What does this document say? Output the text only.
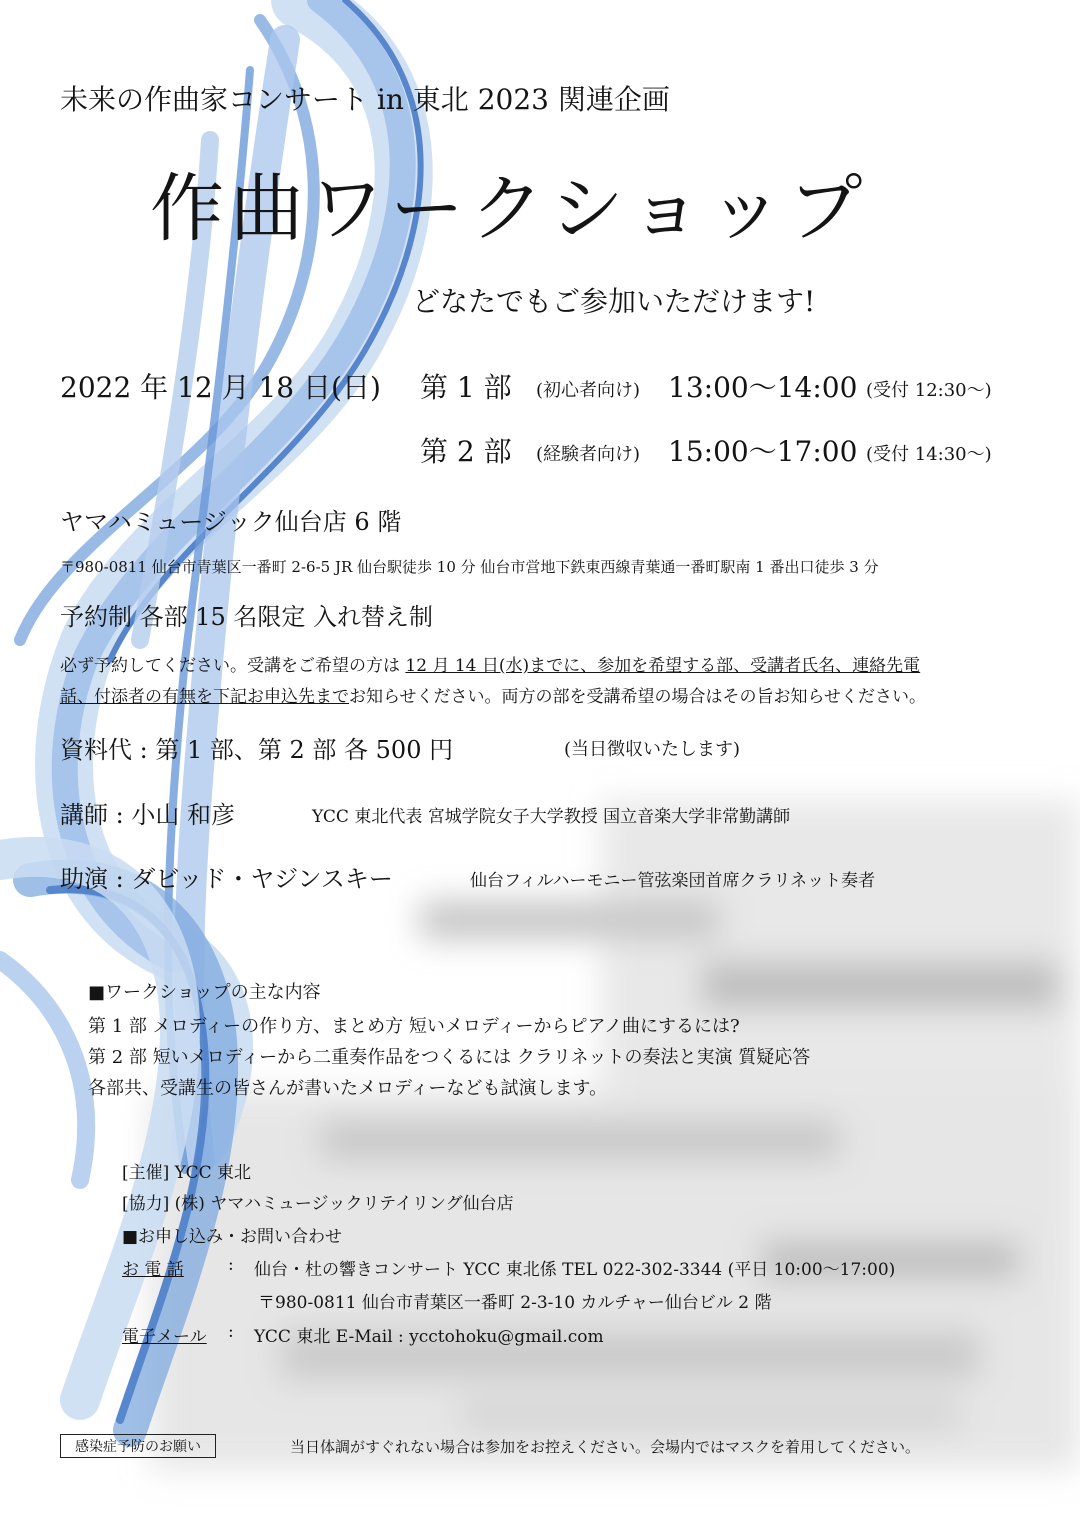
未来の作曲家コンサート in 東北 2023 関連企画
作曲ワークショップ
どなたでもご参加いただけます!
2022 年 12 月 18 日(日) 第 1 部 (初心者向け) 13:00〜14:00 (受付 12:30〜)
第 2 部 (経験者向け) 15:00〜17:00 (受付 14:30〜)
ヤマハミュージック仙台店 6 階
〒980-0811 仙台市青葉区一番町 2-6-5 JR 仙台駅徒歩 10 分 仙台市営地下鉄東西線青葉通一番町駅南 1 番出口徒歩 3 分
予約制 各部 15 名限定 入れ替え制
必ず予約してください。受講をご希望の方は 12 月 14 日(水)までに、参加を希望する部、受講者氏名、連絡先電
話、付添者の有無を下記お申込先までお知らせください。両方の部を受講希望の場合はその旨お知らせください。
資料代 : 第 1 部、第 2 部 各 500 円	(当日徴収いたします)
講師 : 小山 和彦	YCC 東北代表 宮城学院女子大学教授 国立音楽大学非常勤講師
助演 : ダビッド・ヤジンスキー	仙台フィルハーモニー管弦楽団首席クラリネット奏者
■ワークショップの主な内容
第 1 部 メロディーの作り方、まとめ方 短いメロディーからピアノ曲にするには?
第 2 部 短いメロディーから二重奏作品をつくるには クラリネットの奏法と実演 質疑応答
各部共、受講生の皆さんが書いたメロディーなども試演します。
[主催] YCC 東北
[協力] (株) ヤマハミュージックリテイリング仙台店
■お申し込み・お問い合わせ
お 電 話	: 仙台・杜の響きコンサート YCC 東北係 TEL 022-302-3344 (平日 10:00〜17:00)
〒980-0811 仙台市青葉区一番町 2-3-10 カルチャー仙台ビル 2 階
電子メール : YCC 東北 E-Mail : ycctohoku@gmail.com
感染症予防のお願い	当日体調がすぐれない場合は参加をお控えください。会場内ではマスクを着用してください。
